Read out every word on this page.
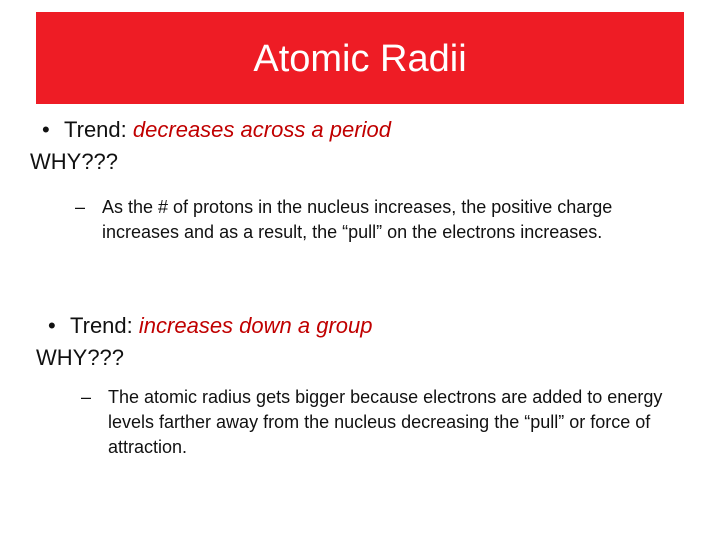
Atomic Radii
• Trend: decreases across a period
WHY???
– As the # of protons in the nucleus increases, the positive charge increases and as a result, the “pull” on the electrons increases.
• Trend: increases down a group
WHY???
– The atomic radius gets bigger because electrons are added to energy levels farther away from the nucleus decreasing the “pull” or force of attraction.
